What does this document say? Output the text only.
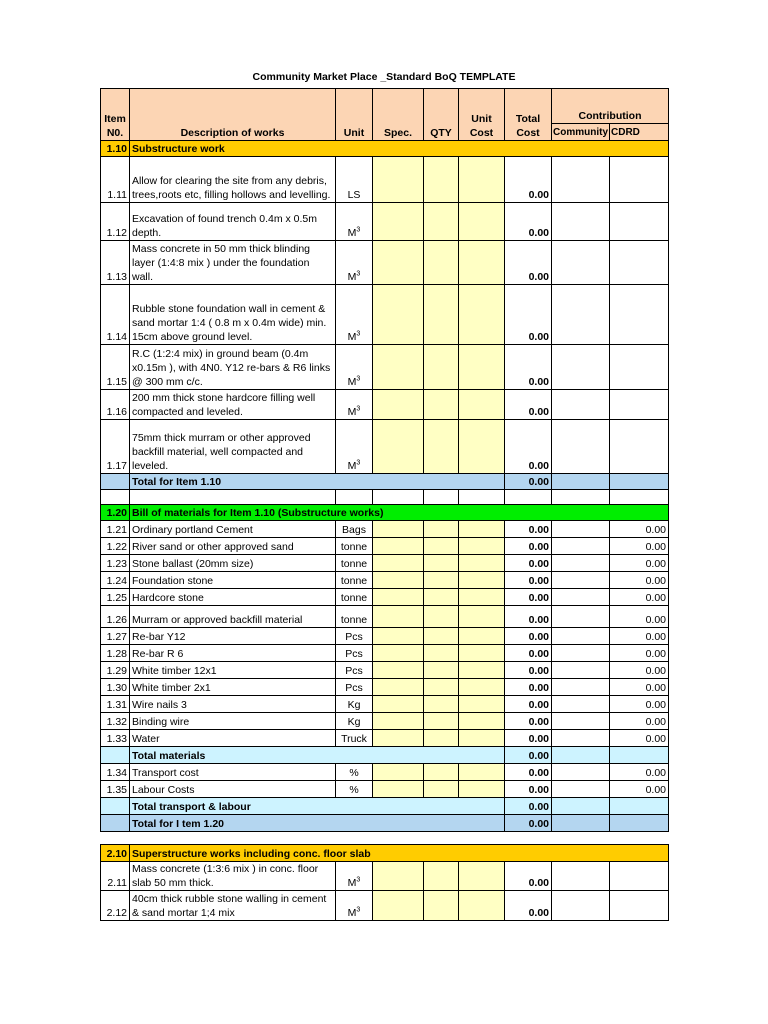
Community Market Place _Standard BoQ TEMPLATE
Item N0.	Description of works	Unit	Spec.	QTY	Unit Cost	Total Cost	Contribution	
							Community	CDRD
1.10	Substructure work							
1.11	Allow for clearing the site from any debris, trees,roots etc, filling hollows and levelling.	LS				0.00		
1.12	Excavation of found trench 0.4m x 0.5m depth.	$M^3$				0.00		
1.13	Mass concrete in 50 mm thick blinding layer (1:4:8 mix ) under the foundation wall.	$M^3$				0.00		
1.14	Rubble stone foundation wall in cement & sand mortar 1:4 ( 0.8 m x 0.4m wide) min. 15cm above ground level.	$M^3$				0.00		
1.15	R.C (1:2:4 mix) in ground beam (0.4m x0.15m ), with 4N0. Y12 re-bars & R6 links @ 300 mm c/c.	$M^3$				0.00		
1.16	200 mm thick stone hardcore filling well compacted and leveled.	$M^3$				0.00		
1.17	75mm thick murram or other approved backfill material, well compacted and leveled.	$M^3$				0.00		
	Total for Item 1.10					0.00		

1.20	Bill of materials for Item 1.10 (Substructure works)							
1.21	Ordinary portland Cement	Bags				0.00		0.00
1.22	River sand or other approved sand	tonne				0.00		0.00
1.23	Stone ballast (20mm size)	tonne				0.00		0.00
1.24	Foundation stone	tonne				0.00		0.00
1.25	Hardcore stone	tonne				0.00		0.00
1.26	Murram or approved backfill material	tonne				0.00		0.00
1.27	Re-bar Y12	Pcs				0.00		0.00
1.28	Re-bar R 6	Pcs				0.00		0.00
1.29	White timber 12x1	Pcs				0.00		0.00
1.30	White timber 2x1	Pcs				0.00		0.00
1.31	Wire nails 3	Kg				0.00		0.00
1.32	Binding wire	Kg				0.00		0.00
1.33	Water	Truck				0.00		0.00
	Total materials					0.00		
1.34	Transport cost	%				0.00		0.00
1.35	Labour Costs	%				0.00		0.00
	Total transport & labour					0.00		
	Total for I tem 1.20					0.00		

2.10	Superstructure works including conc. floor slab							
2.11	Mass concrete (1:3:6 mix ) in conc. floor slab 50 mm thick.	$M^3$				0.00		
2.12	40cm thick rubble stone walling in cement & sand mortar 1;4 mix	$M^3$				0.00		
